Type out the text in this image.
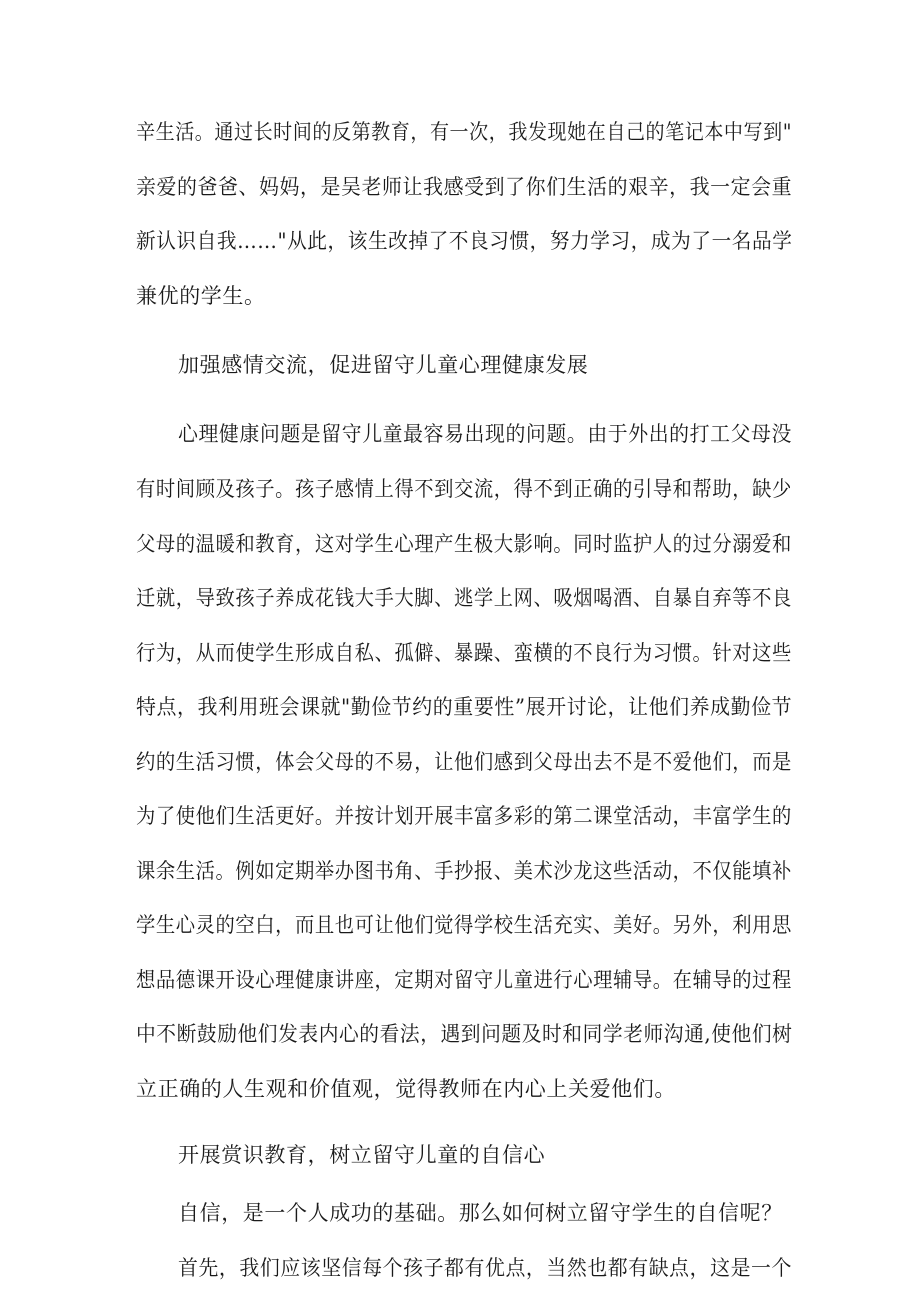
辛生活。通过长时间的反第教育，有一次，我发现她在自己的笔记本中写到"
亲爱的爸爸、妈妈，是吴老师让我感受到了你们生活的艰辛，我一定会重
新认识自我……"从此，该生改掉了不良习惯，努力学习，成为了一名品学
兼优的学生。
加强感情交流，促进留守儿童心理健康发展
心理健康问题是留守儿童最容易出现的问题。由于外出的打工父母没
有时间顾及孩子。孩子感情上得不到交流，得不到正确的引导和帮助，缺少
父母的温暖和教育，这对学生心理产生极大影响。同时监护人的过分溺爱和
迁就，导致孩子养成花钱大手大脚、逃学上网、吸烟喝酒、自暴自弃等不良
行为，从而使学生形成自私、孤僻、暴躁、蛮横的不良行为习惯。针对这些
特点，我利用班会课就"勤俭节约的重要性”展开讨论，让他们养成勤俭节
约的生活习惯，体会父母的不易，让他们感到父母出去不是不爱他们，而是
为了使他们生活更好。并按计划开展丰富多彩的第二课堂活动，丰富学生的
课余生活。例如定期举办图书角、手抄报、美术沙龙这些活动，不仅能填补
学生心灵的空白，而且也可让他们觉得学校生活充实、美好。另外，利用思
想品德课开设心理健康讲座，定期对留守儿童进行心理辅导。在辅导的过程
中不断鼓励他们发表内心的看法，遇到问题及时和同学老师沟通,使他们树
立正确的人生观和价值观，觉得教师在内心上关爱他们。
开展赏识教育，树立留守儿童的自信心
自信，是一个人成功的基础。那么如何树立留守学生的自信呢？
首先，我们应该坚信每个孩子都有优点，当然也都有缺点，这是一个
